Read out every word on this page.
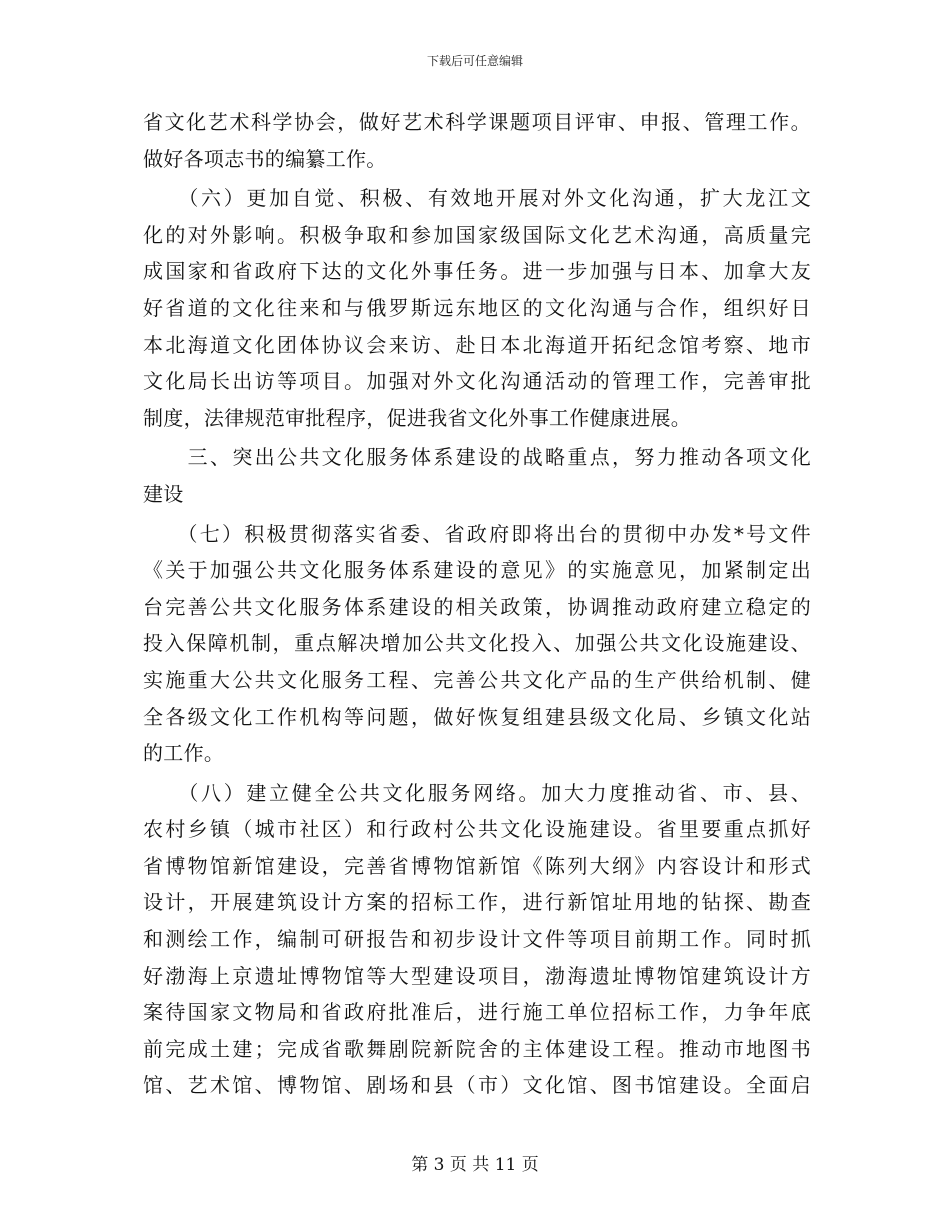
下载后可任意编辑
省文化艺术科学协会，做好艺术科学课题项目评审、申报、管理工作。
做好各项志书的编纂工作。
　　（六）更加自觉、积极、有效地开展对外文化沟通，扩大龙江文
化的对外影响。积极争取和参加国家级国际文化艺术沟通，高质量完
成国家和省政府下达的文化外事任务。进一步加强与日本、加拿大友
好省道的文化往来和与俄罗斯远东地区的文化沟通与合作，组织好日
本北海道文化团体协议会来访、赴日本北海道开拓纪念馆考察、地市
文化局长出访等项目。加强对外文化沟通活动的管理工作，完善审批
制度，法律规范审批程序，促进我省文化外事工作健康进展。
　　三、突出公共文化服务体系建设的战略重点，努力推动各项文化
建设
　　（七）积极贯彻落实省委、省政府即将出台的贯彻中办发*号文件
《关于加强公共文化服务体系建设的意见》的实施意见，加紧制定出
台完善公共文化服务体系建设的相关政策，协调推动政府建立稳定的
投入保障机制，重点解决增加公共文化投入、加强公共文化设施建设、
实施重大公共文化服务工程、完善公共文化产品的生产供给机制、健
全各级文化工作机构等问题，做好恢复组建县级文化局、乡镇文化站
的工作。
　　（八）建立健全公共文化服务网络。加大力度推动省、市、县、
农村乡镇（城市社区）和行政村公共文化设施建设。省里要重点抓好
省博物馆新馆建设，完善省博物馆新馆《陈列大纲》内容设计和形式
设计，开展建筑设计方案的招标工作，进行新馆址用地的钻探、勘查
和测绘工作，编制可研报告和初步设计文件等项目前期工作。同时抓
好渤海上京遗址博物馆等大型建设项目，渤海遗址博物馆建筑设计方
案待国家文物局和省政府批准后，进行施工单位招标工作，力争年底
前完成土建；完成省歌舞剧院新院舍的主体建设工程。推动市地图书
馆、艺术馆、博物馆、剧场和县（市）文化馆、图书馆建设。全面启
第 3 页 共 11 页
